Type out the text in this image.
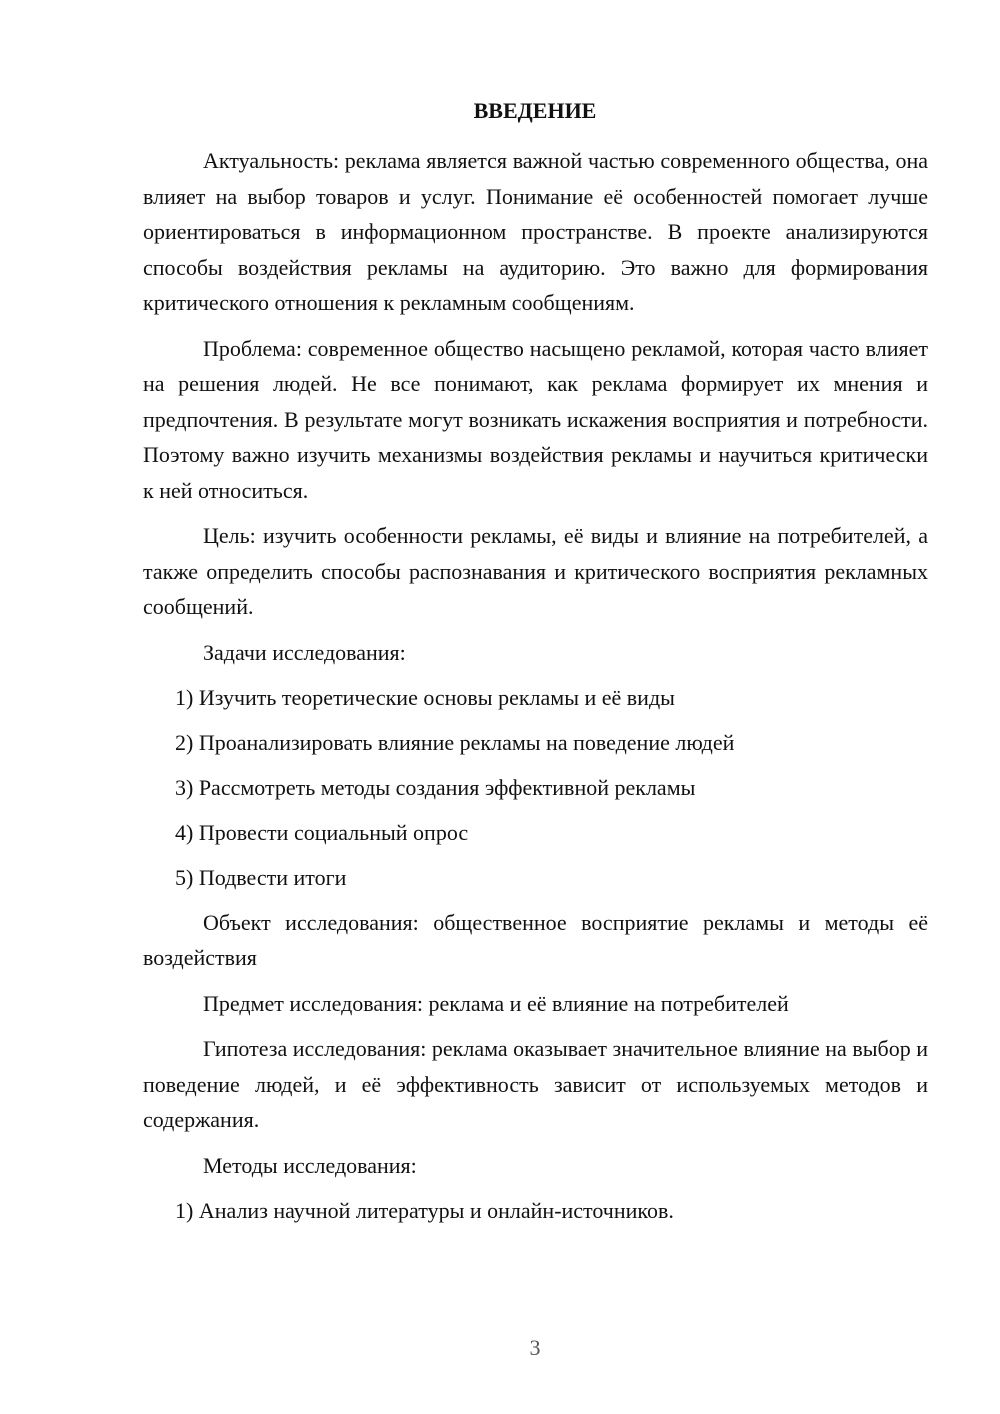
ВВЕДЕНИЕ

Актуальность: реклама является важной частью современного общества, она влияет на выбор товаров и услуг. Понимание её особенностей помогает лучше ориентироваться в информационном пространстве. В проекте анализируются способы воздействия рекламы на аудиторию. Это важно для формирования критического отношения к рекламным сообщениям.

Проблема: современное общество насыщено рекламой, которая часто влияет на решения людей. Не все понимают, как реклама формирует их мнения и предпочтения. В результате могут возникать искажения восприятия и потребности. Поэтому важно изучить механизмы воздействия рекламы и научиться критически к ней относиться.

Цель: изучить особенности рекламы, её виды и влияние на потребителей, а также определить способы распознавания и критического восприятия рекламных сообщений.

Задачи исследования:
1) Изучить теоретические основы рекламы и её виды
2) Проанализировать влияние рекламы на поведение людей
3) Рассмотреть методы создания эффективной рекламы
4) Провести социальный опрос
5) Подвести итоги

Объект исследования: общественное восприятие рекламы и методы её воздействия

Предмет исследования: реклама и её влияние на потребителей

Гипотеза исследования: реклама оказывает значительное влияние на выбор и поведение людей, и её эффективность зависит от используемых методов и содержания.

Методы исследования:
1) Анализ научной литературы и онлайн-источников.
3
